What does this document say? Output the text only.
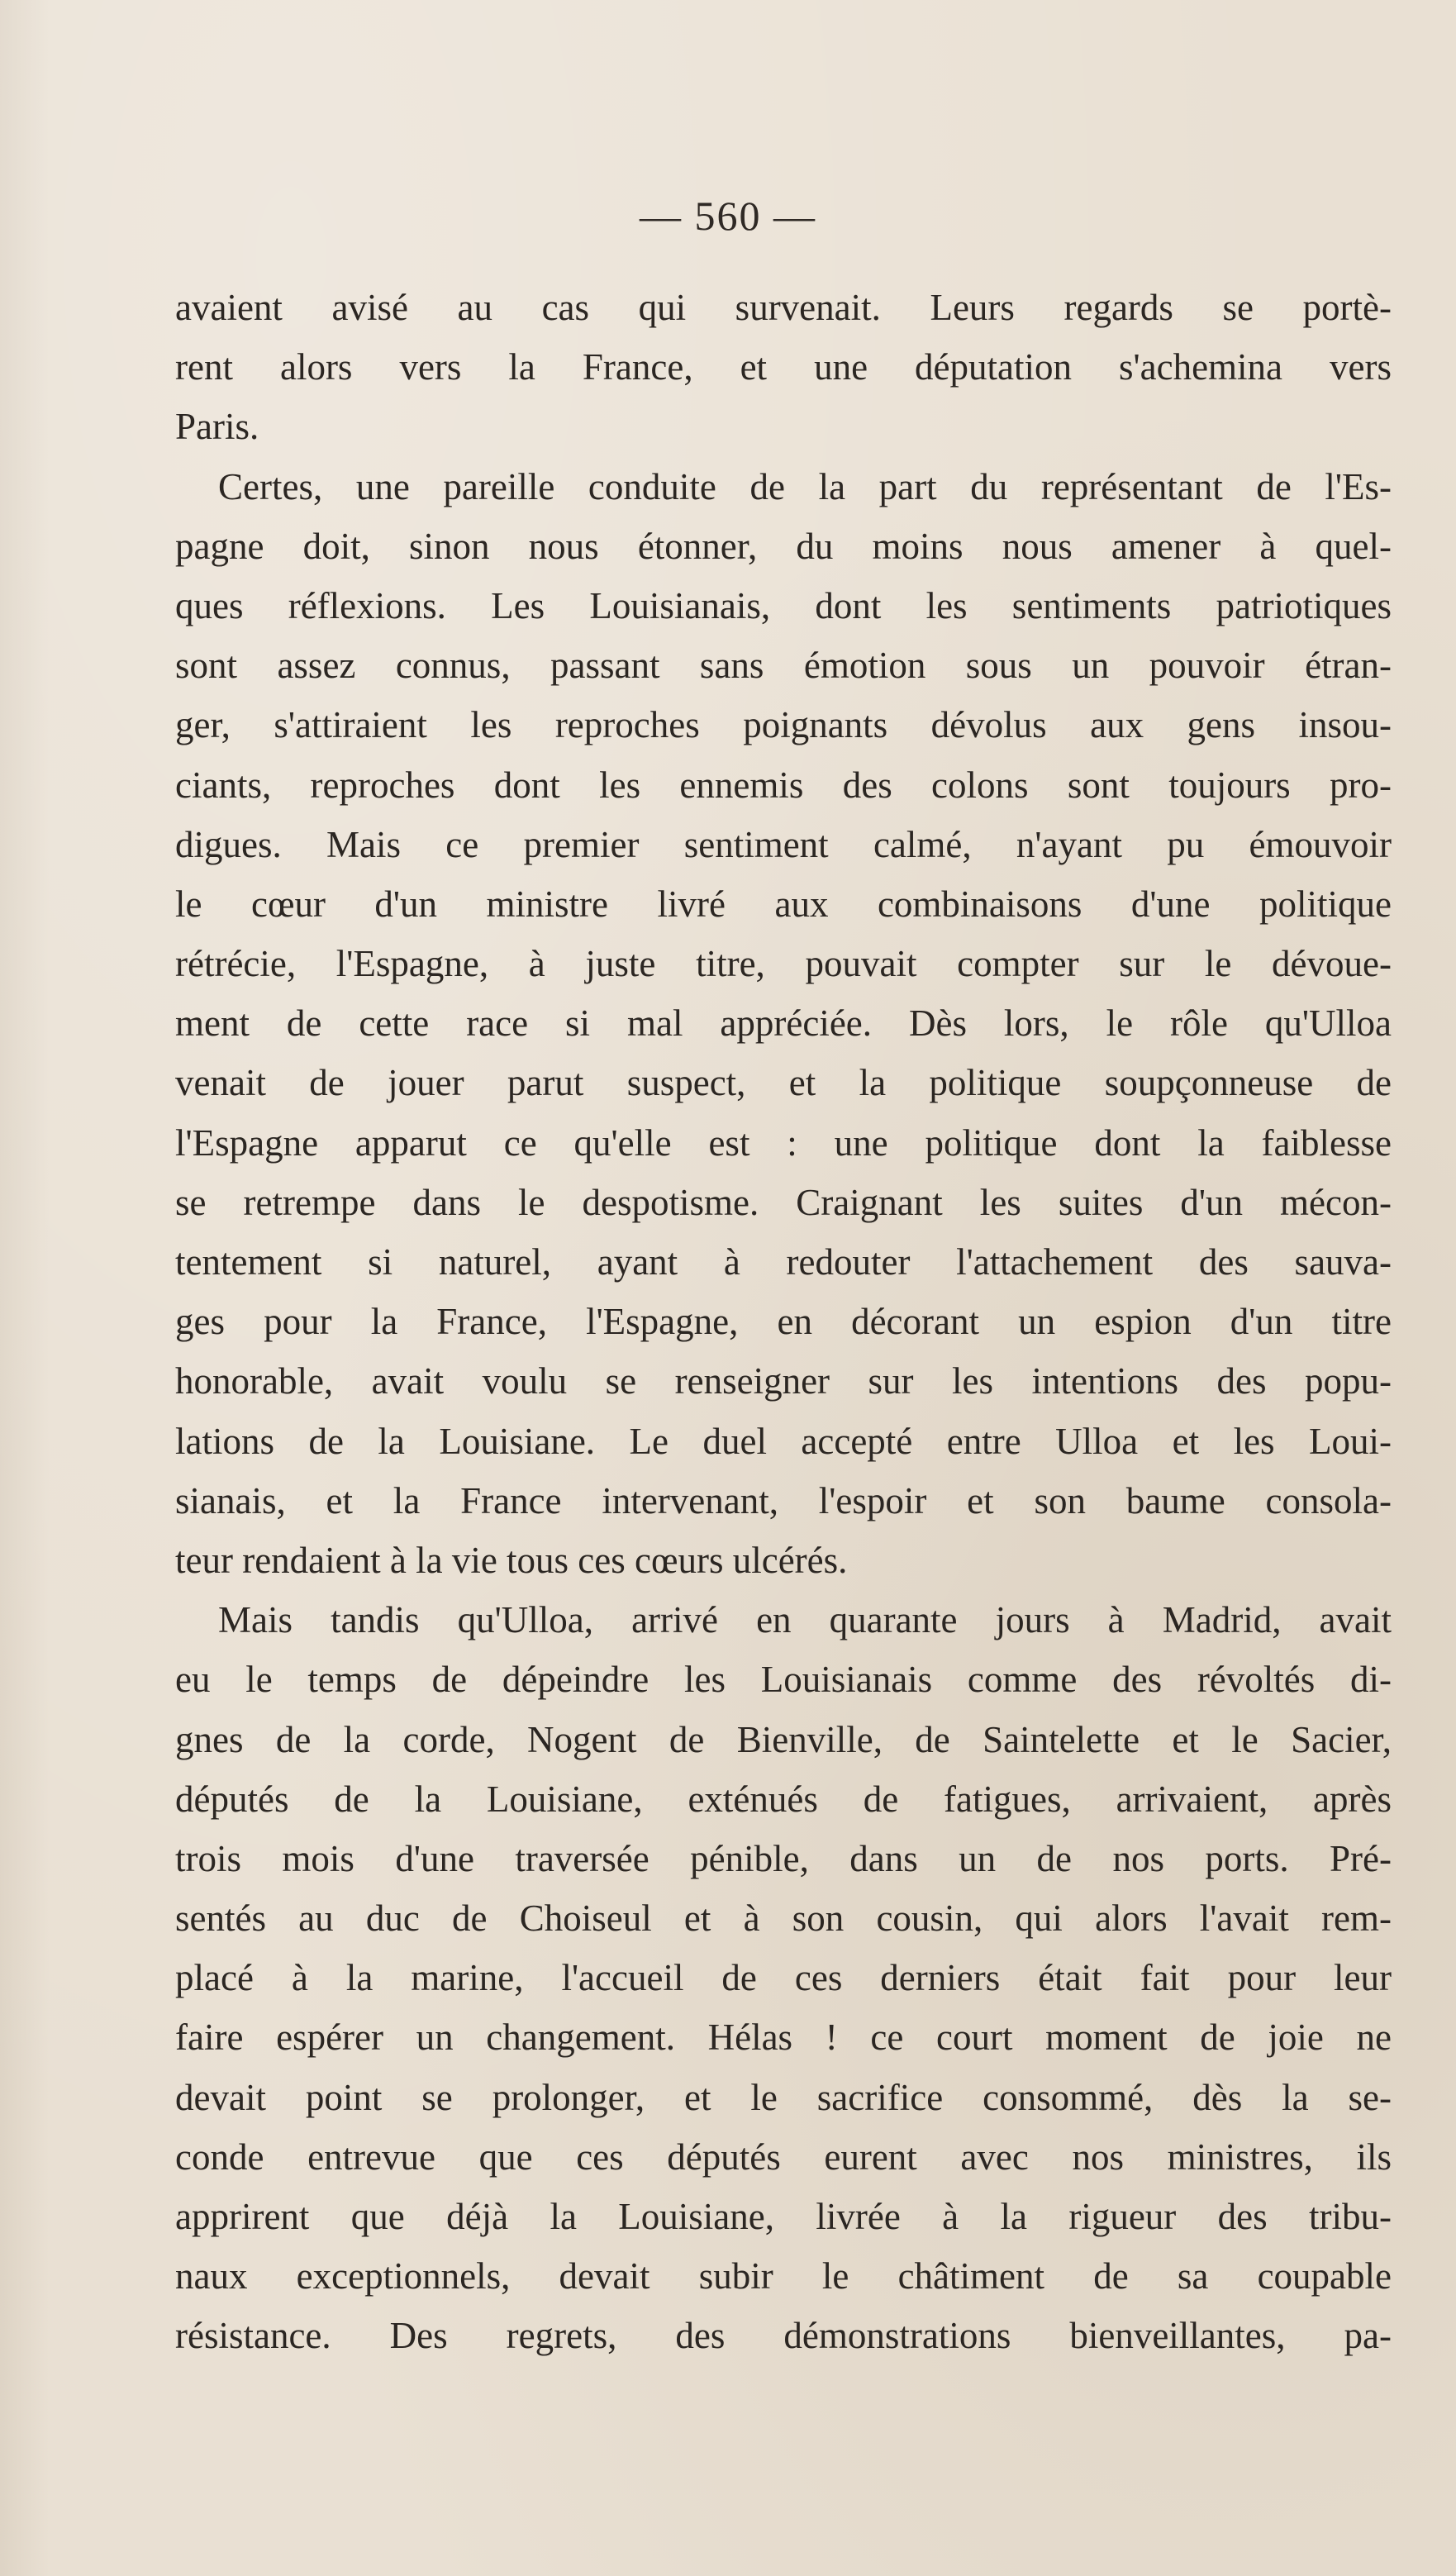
— 560 —
avaient avisé au cas qui survenait. Leurs regards se portè-
rent alors vers la France, et une députation s'achemina vers
Paris.
Certes, une pareille conduite de la part du représentant de l'Es-
pagne doit, sinon nous étonner, du moins nous amener à quel-
ques réflexions. Les Louisianais, dont les sentiments patriotiques
sont assez connus, passant sans émotion sous un pouvoir étran-
ger, s'attiraient les reproches poignants dévolus aux gens insou-
ciants, reproches dont les ennemis des colons sont toujours pro-
digues. Mais ce premier sentiment calmé, n'ayant pu émouvoir
le cœur d'un ministre livré aux combinaisons d'une politique
rétrécie, l'Espagne, à juste titre, pouvait compter sur le dévoue-
ment de cette race si mal appréciée. Dès lors, le rôle qu'Ulloa
venait de jouer parut suspect, et la politique soupçonneuse de
l'Espagne apparut ce qu'elle est : une politique dont la faiblesse
se retrempe dans le despotisme. Craignant les suites d'un mécon-
tentement si naturel, ayant à redouter l'attachement des sauva-
ges pour la France, l'Espagne, en décorant un espion d'un titre
honorable, avait voulu se renseigner sur les intentions des popu-
lations de la Louisiane. Le duel accepté entre Ulloa et les Loui-
sianais, et la France intervenant, l'espoir et son baume consola-
teur rendaient à la vie tous ces cœurs ulcérés.
Mais tandis qu'Ulloa, arrivé en quarante jours à Madrid, avait
eu le temps de dépeindre les Louisianais comme des révoltés di-
gnes de la corde, Nogent de Bienville, de Saintelette et le Sacier,
députés de la Louisiane, exténués de fatigues, arrivaient, après
trois mois d'une traversée pénible, dans un de nos ports. Pré-
sentés au duc de Choiseul et à son cousin, qui alors l'avait rem-
placé à la marine, l'accueil de ces derniers était fait pour leur
faire espérer un changement. Hélas ! ce court moment de joie ne
devait point se prolonger, et le sacrifice consommé, dès la se-
conde entrevue que ces députés eurent avec nos ministres, ils
apprirent que déjà la Louisiane, livrée à la rigueur des tribu-
naux exceptionnels, devait subir le châtiment de sa coupable
résistance. Des regrets, des démonstrations bienveillantes, pa-
